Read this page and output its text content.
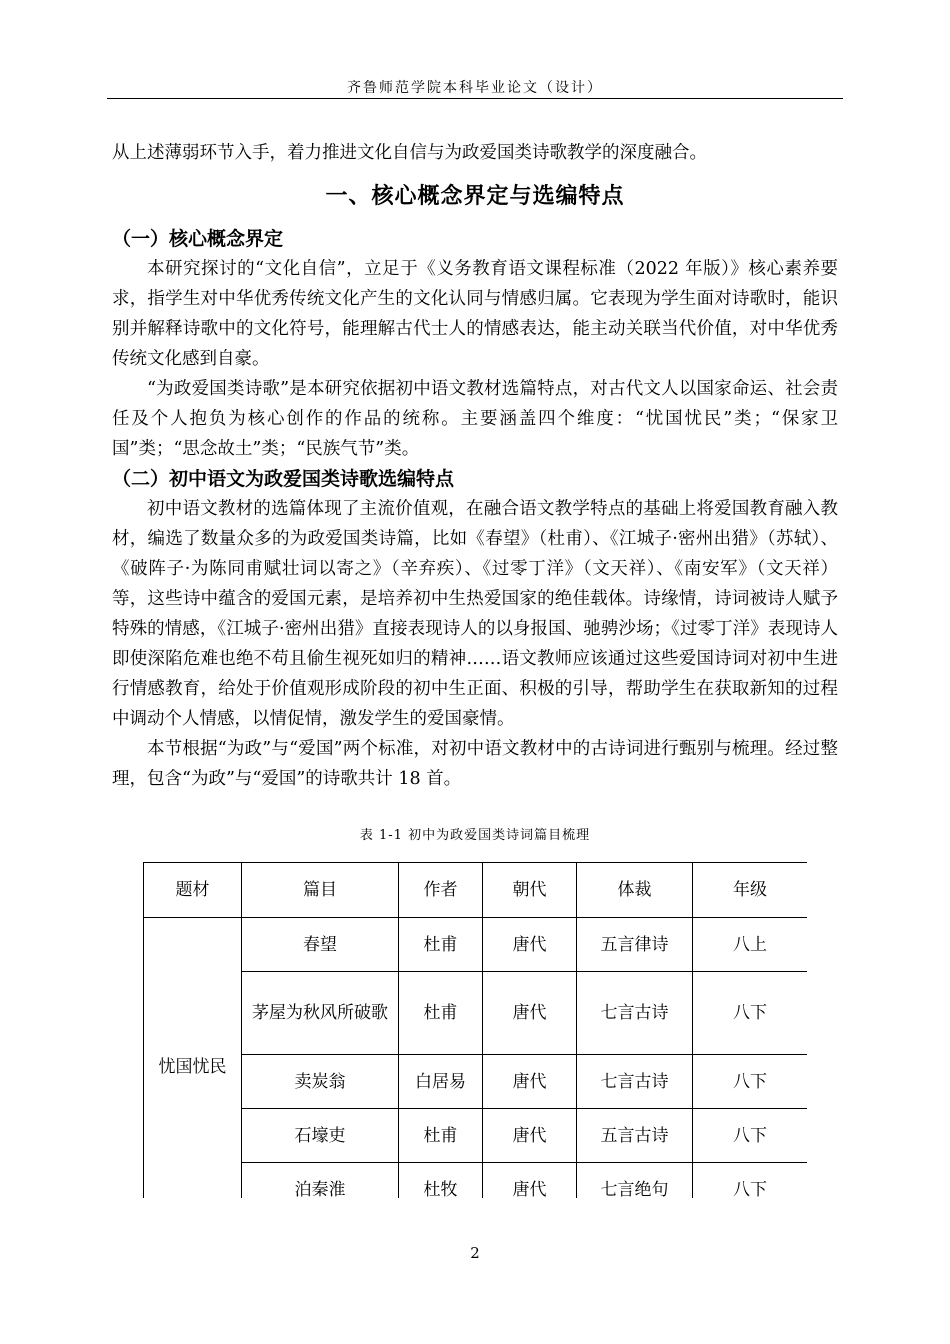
齐鲁师范学院本科毕业论文（设计）

从上述薄弱环节入手，着力推进文化自信与为政爱国类诗歌教学的深度融合。

一、核心概念界定与选编特点
（一）核心概念界定

本研究探讨的“文化自信”，立足于《义务教育语文课程标准（2022 年版）》核心素养要求，指学生对中华优秀传统文化产生的文化认同与情感归属。它表现为学生面对诗歌时，能识别并解释诗歌中的文化符号，能理解古代士人的情感表达，能主动关联当代价值，对中华优秀传统文化感到自豪。

“为政爱国类诗歌”是本研究依据初中语文教材选篇特点，对古代文人以国家命运、社会责任及个人抱负为核心创作的作品的统称。主要涵盖四个维度：“忧国忧民”类；“保家卫国”类；“思念故土”类；“民族气节”类。

（二）初中语文为政爱国类诗歌选编特点

初中语文教材的选篇体现了主流价值观，在融合语文教学特点的基础上将爱国教育融入教材，编选了数量众多的为政爱国类诗篇，比如《春望》（杜甫）、《江城子·密州出猎》（苏轼）、《破阵子·为陈同甫赋壮词以寄之》（辛弃疾）、《过零丁洋》（文天祥）、《南安军》（文天祥）等，这些诗中蕴含的爱国元素，是培养初中生热爱国家的绝佳载体。诗缘情，诗词被诗人赋予特殊的情感，《江城子·密州出猎》直接表现诗人的以身报国、驰骋沙场；《过零丁洋》表现诗人即使深陷危难也绝不苟且偷生视死如归的精神……语文教师应该通过这些爱国诗词对初中生进行情感教育，给处于价值观形成阶段的初中生正面、积极的引导，帮助学生在获取新知的过程中调动个人情感，以情促情，激发学生的爱国豪情。

本节根据“为政”与“爱国”两个标准，对初中语文教材中的古诗词进行甄别与梳理。经过整理，包含“为政”与“爱国”的诗歌共计 18 首。

表 1-1 初中为政爱国类诗词篇目梳理
题材	篇目	作者	朝代	体裁	年级
忧国忧民	春望	杜甫	唐代	五言律诗	八上
	茅屋为秋风所破歌	杜甫	唐代	七言古诗	八下
	卖炭翁	白居易	唐代	七言古诗	八下
	石壕吏	杜甫	唐代	五言古诗	八下
	泊秦淮	杜牧	唐代	七言绝句	八下
2
